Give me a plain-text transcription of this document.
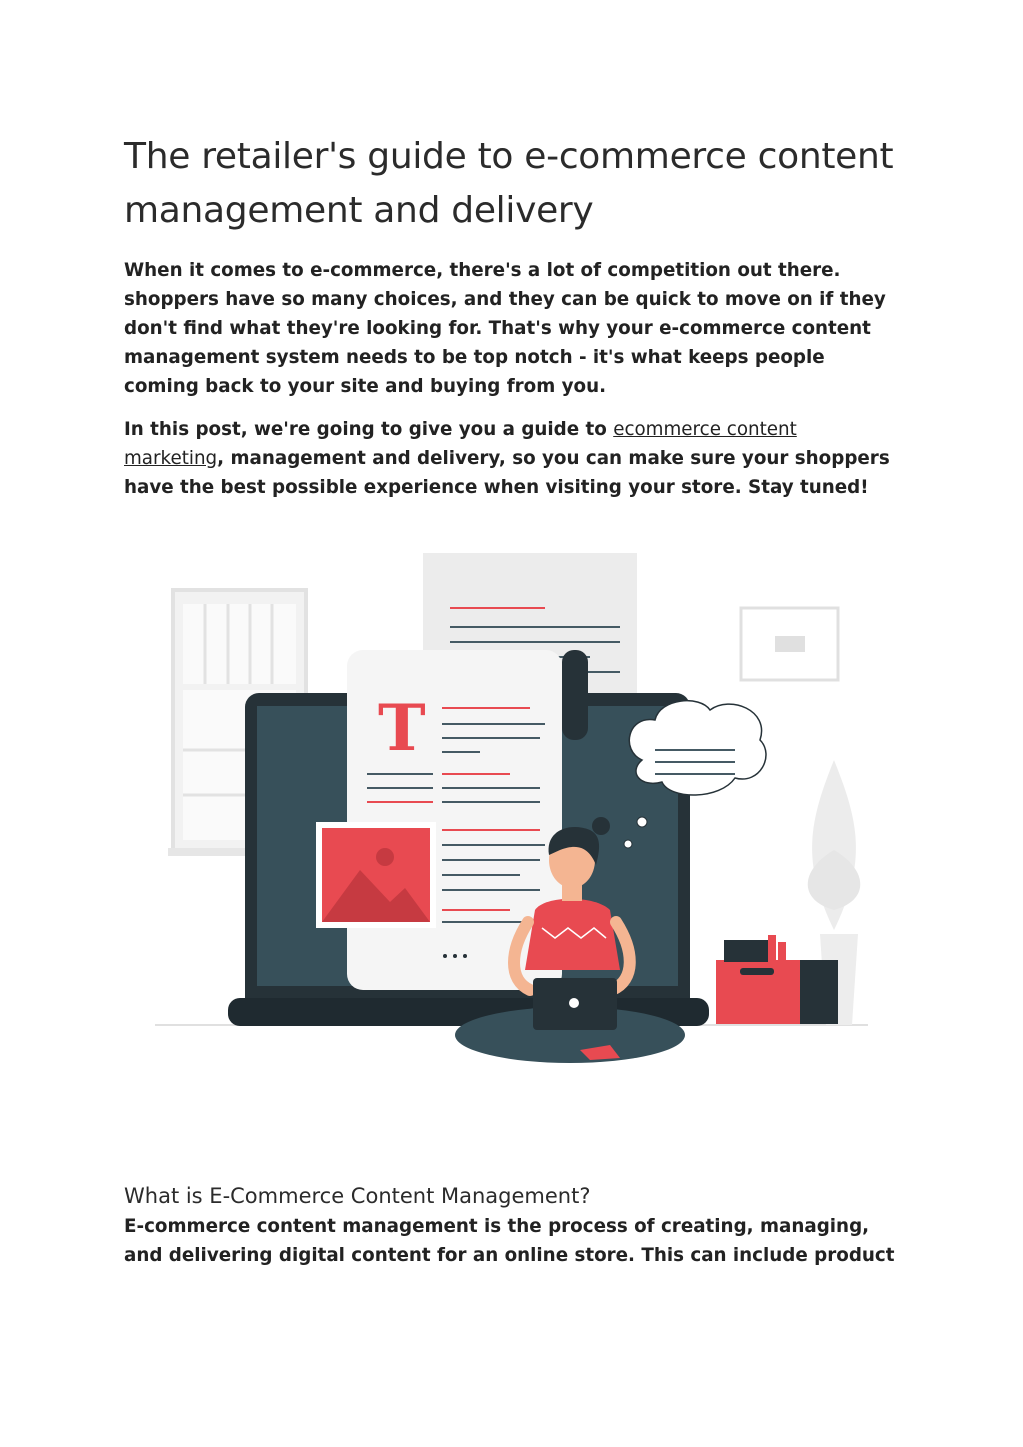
The retailer's guide to e-commerce content management and delivery

When it comes to e-commerce, there's a lot of competition out there. shoppers have so many choices, and they can be quick to move on if they don't find what they're looking for. That's why your e-commerce content management system needs to be top notch - it's what keeps people coming back to your site and buying from you.

In this post, we're going to give you a guide to ecommerce content marketing, management and delivery, so you can make sure your shoppers have the best possible experience when visiting your store. Stay tuned!

T
What is E-Commerce Content Management?

E-commerce content management is the process of creating, managing, and delivering digital content for an online store. This can include product
